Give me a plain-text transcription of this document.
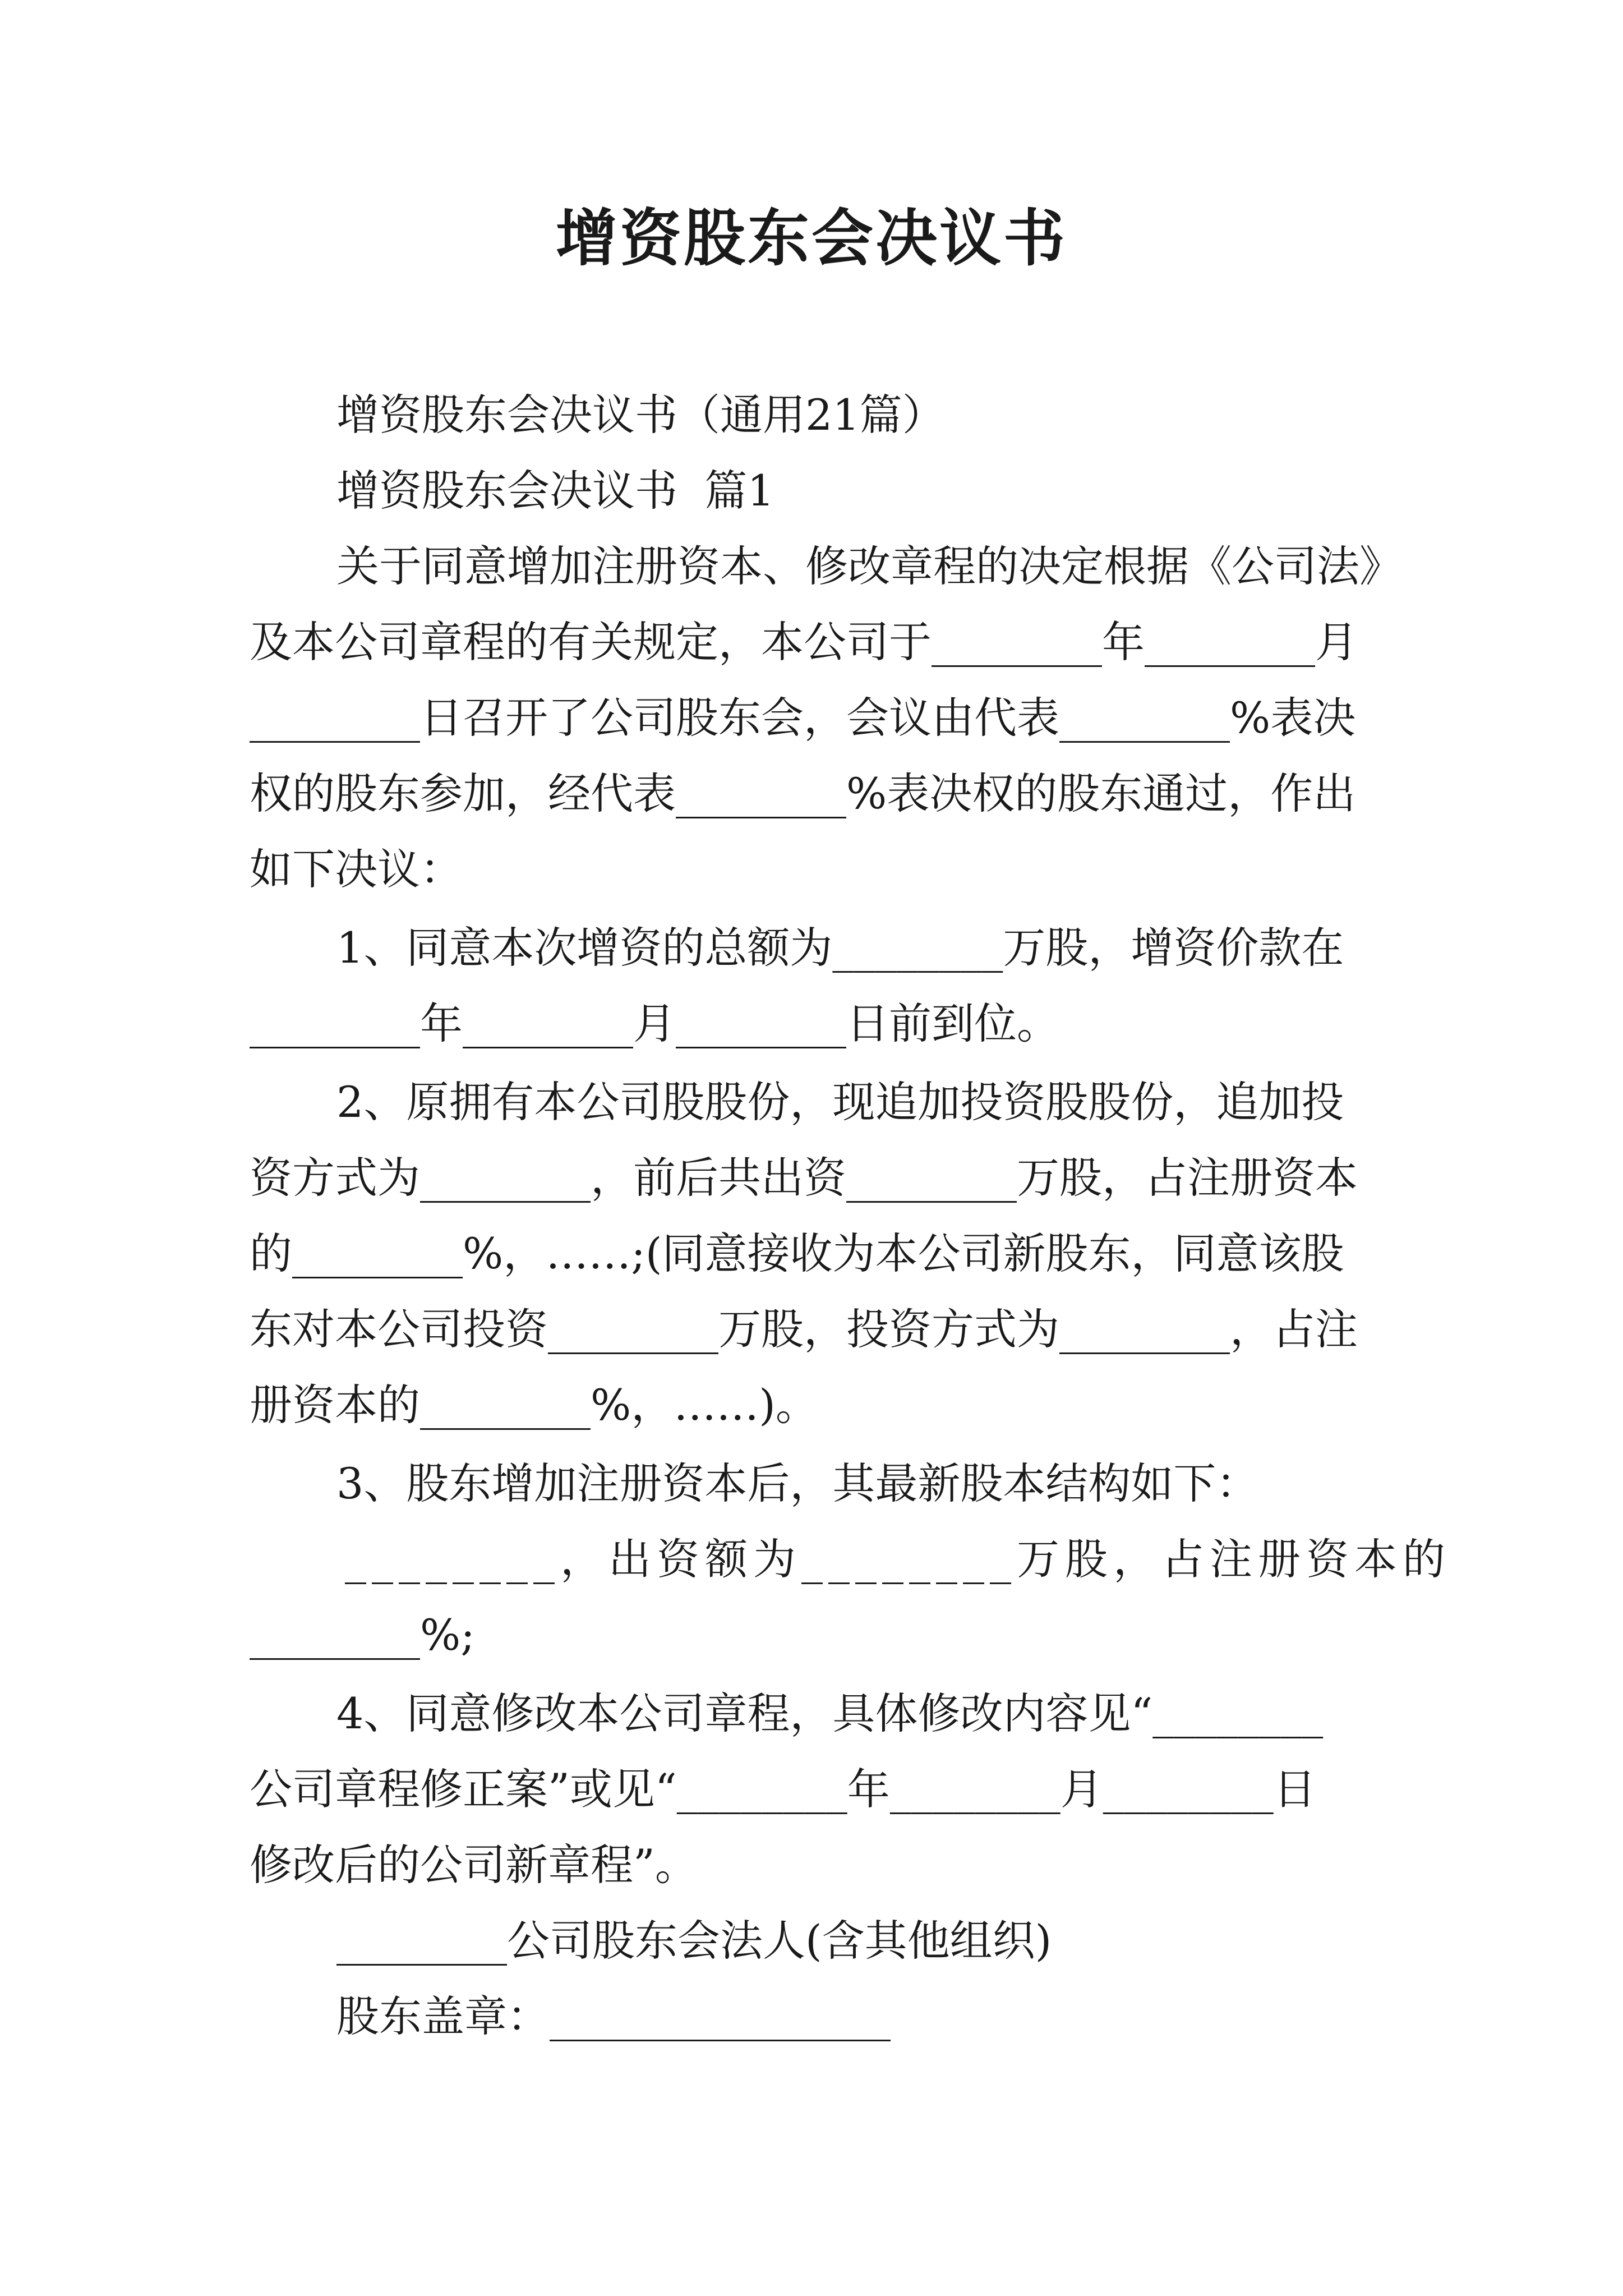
增资股东会决议书
增资股东会决议书（通用21篇）
增资股东会决议书  篇1
关于同意增加注册资本、修改章程的决定根据《公司法》
及本公司章程的有关规定，本公司于________年________月
________日召开了公司股东会，会议由代表________%表决
权的股东参加，经代表________%表决权的股东通过，作出
如下决议：
1、同意本次增资的总额为________万股，增资价款在
________年________月________日前到位。
2、原拥有本公司股股份，现追加投资股股份，追加投
资方式为________，前后共出资________万股，占注册资本
的________%，……;(同意接收为本公司新股东，同意该股
东对本公司投资________万股，投资方式为________，占注
册资本的________%，……)。
3、股东增加注册资本后，其最新股本结构如下：
________，出资额为________万股，占注册资本的
________%;
4、同意修改本公司章程，具体修改内容见“________
公司章程修正案”或见“________年________月________日
修改后的公司新章程”。
________公司股东会法人(含其他组织)
股东盖章：________________
